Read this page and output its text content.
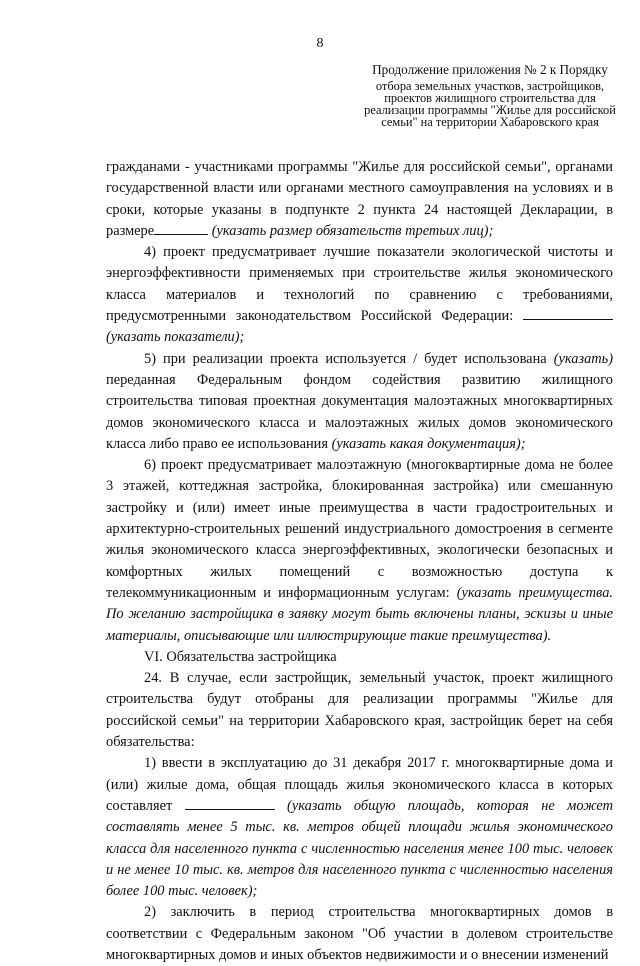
8
Продолжение приложения № 2 к Порядку
отбора земельных участков, застройщиков, проектов жилищного строительства для реализации программы "Жилье для российской семьи" на территории Хабаровского края

гражданами - участниками программы "Жилье для российской семьи", органами государственной власти или органами местного самоуправления на условиях и в сроки, которые указаны в подпункте 2 пункта 24 настоящей Декларации, в размере	(указать размер обязательств третьих лиц);

4) проект предусматривает лучшие показатели экологической чистоты и энергоэффективности применяемых при строительстве жилья экономического класса материалов и технологий по сравнению с требованиями, предусмотренными законодательством Российской Федерации:  (указать показатели);

5) при реализации проекта используется / будет использована (указать) переданная Федеральным фондом содействия развитию жилищного строительства типовая проектная документация малоэтажных многоквартирных домов экономического класса и малоэтажных жилых домов экономического класса либо право ее использования (указать какая документация);

6) проект предусматривает малоэтажную (многоквартирные дома не более 3 этажей, коттеджная застройка, блокированная застройка) или смешанную застройку и (или) имеет иные преимущества в части градостроительных и архитектурно-строительных решений индустриального домостроения в сегменте жилья экономического класса энергоэффективных, экологически безопасных и комфортных жилых помещений с возможностью доступа к телекоммуникационным и информационным услугам: (указать преимущества. По желанию застройщика в заявку могут быть включены планы, эскизы и иные материалы, описывающие или иллюстрирующие такие преимущества).

VI. Обязательства застройщика

24. В случае, если застройщик, земельный участок, проект жилищного строительства будут отобраны для реализации программы "Жилье для российской семьи" на территории Хабаровского края, застройщик берет на себя обязательства:

1) ввести в эксплуатацию до 31 декабря 2017 г. многоквартирные дома и (или) жилые дома, общая площадь жилья экономического класса в которых составляет	(указать общую площадь, которая не может составлять менее 5 тыс. кв. метров общей площади жилья экономического класса для населенного пункта с численностью населения менее 100 тыс. человек и не менее 10 тыс. кв. метров для населенного пункта с численностью населения более 100 тыс. человек);

2) заключить в период строительства многоквартирных домов в соответствии с Федеральным законом "Об участии в долевом строительстве многоквартирных домов и иных объектов недвижимости и о внесении изменений
